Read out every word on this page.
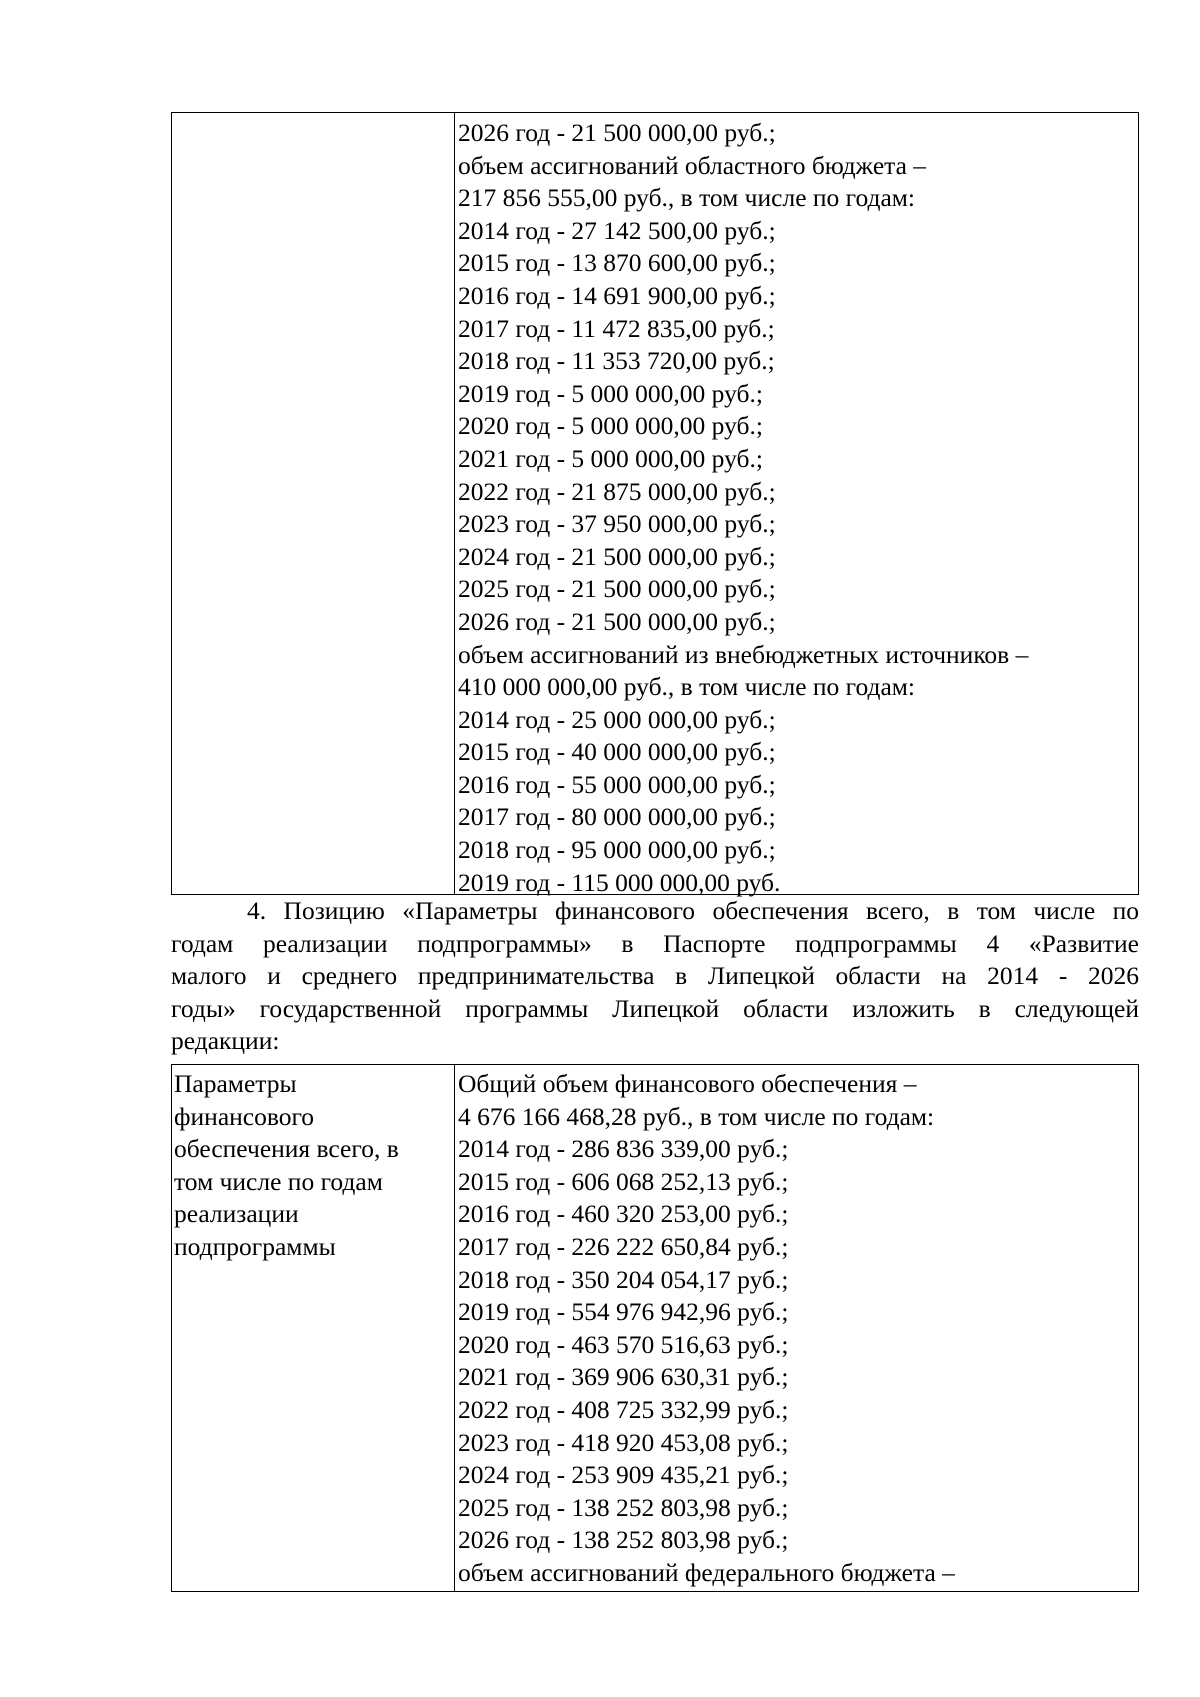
2026 год - 21 500 000,00 руб.;
объем ассигнований областного бюджета –
217 856 555,00 руб., в том числе по годам:
2014 год - 27 142 500,00 руб.;
2015 год - 13 870 600,00 руб.;
2016 год - 14 691 900,00 руб.;
2017 год - 11 472 835,00 руб.;
2018 год - 11 353 720,00 руб.;
2019 год - 5 000 000,00 руб.;
2020 год - 5 000 000,00 руб.;
2021 год - 5 000 000,00 руб.;
2022 год - 21 875 000,00 руб.;
2023 год - 37 950 000,00 руб.;
2024 год - 21 500 000,00 руб.;
2025 год - 21 500 000,00 руб.;
2026 год - 21 500 000,00 руб.;
объем ассигнований из внебюджетных источников –
410 000 000,00 руб., в том числе по годам:
2014 год - 25 000 000,00 руб.;
2015 год - 40 000 000,00 руб.;
2016 год - 55 000 000,00 руб.;
2017 год - 80 000 000,00 руб.;
2018 год - 95 000 000,00 руб.;
2019 год - 115 000 000,00 руб.
4. Позицию «Параметры финансового обеспечения всего, в том числе по
годам реализации подпрограммы» в Паспорте подпрограммы 4 «Развитие
малого и среднего предпринимательства в Липецкой области на 2014 - 2026
годы» государственной программы Липецкой области изложить в следующей
редакции:
Параметры
финансового
обеспечения всего, в
том числе по годам
реализации
подпрограммы
Общий объем финансового обеспечения –
4 676 166 468,28 руб., в том числе по годам:
2014 год - 286 836 339,00 руб.;
2015 год - 606 068 252,13 руб.;
2016 год - 460 320 253,00 руб.;
2017 год - 226 222 650,84 руб.;
2018 год - 350 204 054,17 руб.;
2019 год - 554 976 942,96 руб.;
2020 год - 463 570 516,63 руб.;
2021 год - 369 906 630,31 руб.;
2022 год - 408 725 332,99 руб.;
2023 год - 418 920 453,08 руб.;
2024 год - 253 909 435,21 руб.;
2025 год - 138 252 803,98 руб.;
2026 год - 138 252 803,98 руб.;
объем ассигнований федерального бюджета –
